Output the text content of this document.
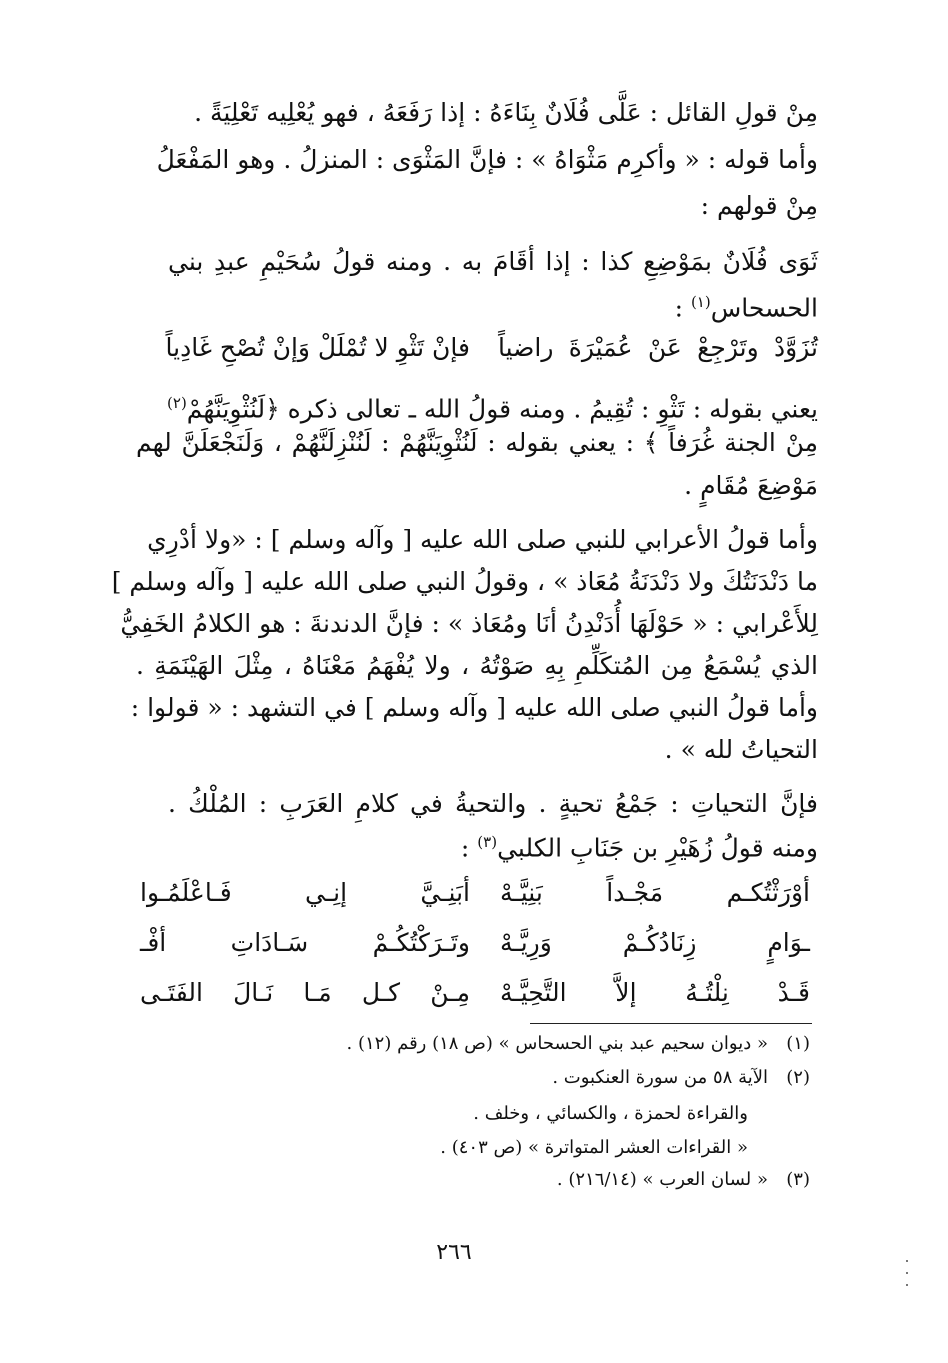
مِنْ قولِ القائل : عَلَّى فُلَانٌ بِنَاءَهُ : إذا رَفَعَهُ ، فهو يُعْلِيه تَعْلِيَةً .
وأما قوله : « وأكرِم مَثْوَاهُ » : فإنَّ المَثْوَى : المنزلُ . وهو المَفْعَلُ
مِنْ قولهم :
ثَوَى فُلَانٌ بمَوْضِعِ كذا : إذا أقَامَ به . ومنه قولُ سُحَيْمِ عبدِ بني
الحسحاس$^{(١)}$ :
فإنْ تَثْوِ لا تُمْلَلْ وَإنْ تُصْحِ غَادِياً تُزَوَّدْ وتَرْجِعْ عَنْ عُمَيْرَةَ راضياً
يعني بقوله : تَثْوِ : تُقِيمُ . ومنه قولُ الله ـ تعالى ذكره ﴿لَنُثْوِيَنَّهُمْ$^{(٢)}$
مِنْ الجنة غُرَفاً ﴾ : يعني بقوله : لَنُثْوِيَنَّهُمْ : لَنُنْزِلَنَّهُمْ ، وَلَنَجْعَلَنَّ لهم
مَوْضِعَ مُقَامٍ .
وأما قولُ الأعرابي للنبي صلى الله عليه [ وآله وسلم ] : «ولا أدْرِي
ما دَنْدَنَتُكَ ولا دَنْدَنَةُ مُعَاذ » ، وقولُ النبي صلى الله عليه [ وآله وسلم ]
لِلأَعْرابي : « حَوْلَهَا أُدَنْدِنُ أنَا ومُعَاذ » : فإنَّ الدندنةَ : هو الكلامُ الخَفِيُّ
الذي يُسْمَعُ مِن المُتكَلِّمِ بِهِ صَوْتُهُ ، ولا يُفْهَمُ مَعْنَاهُ ، مِثْلَ الهَيْنَمَةِ .
وأما قولُ النبي صلى الله عليه [ وآله وسلم ] في التشهد : « قولوا :
التحياتُ لله » .
فإنَّ التحياتِ : جَمْعُ تحيةٍ . والتحيةُ في كلامِ العَرَبِ : المُلْكُ .
ومنه قولُ زُهَيْرِ بن جَنَابِ الكلبي$^{(٣)}$ :
أبَنِـيَّ إنِـي فَـاعْلَمُـوا أوْرَثْتُكـم مَجْـداً بَنِيَّـهْ
وتَـرَكْتُكُـمْ سَـادَاتِ أفْـ ـوَامٍ زِنَادُكُـمْ وَرِيَّـهْ
مِـنْ كـل مَـا نَـالَ الفَتَـى قَـدْ نِلْتُـهُ إلاَّ التَّحِيَّـهْ
(١)
« ديوان سحيم عبد بني الحسحاس » (ص ١٨) رقم (١٢) .
(٢)
الآية ٥٨ من سورة العنكبوت .
والقراءة لحمزة ، والكسائي ، وخلف .
« القراءات العشر المتواترة » (ص ٤٠٣) .
(٣)
« لسان العرب » (٢١٦/١٤) .
٢٦٦
